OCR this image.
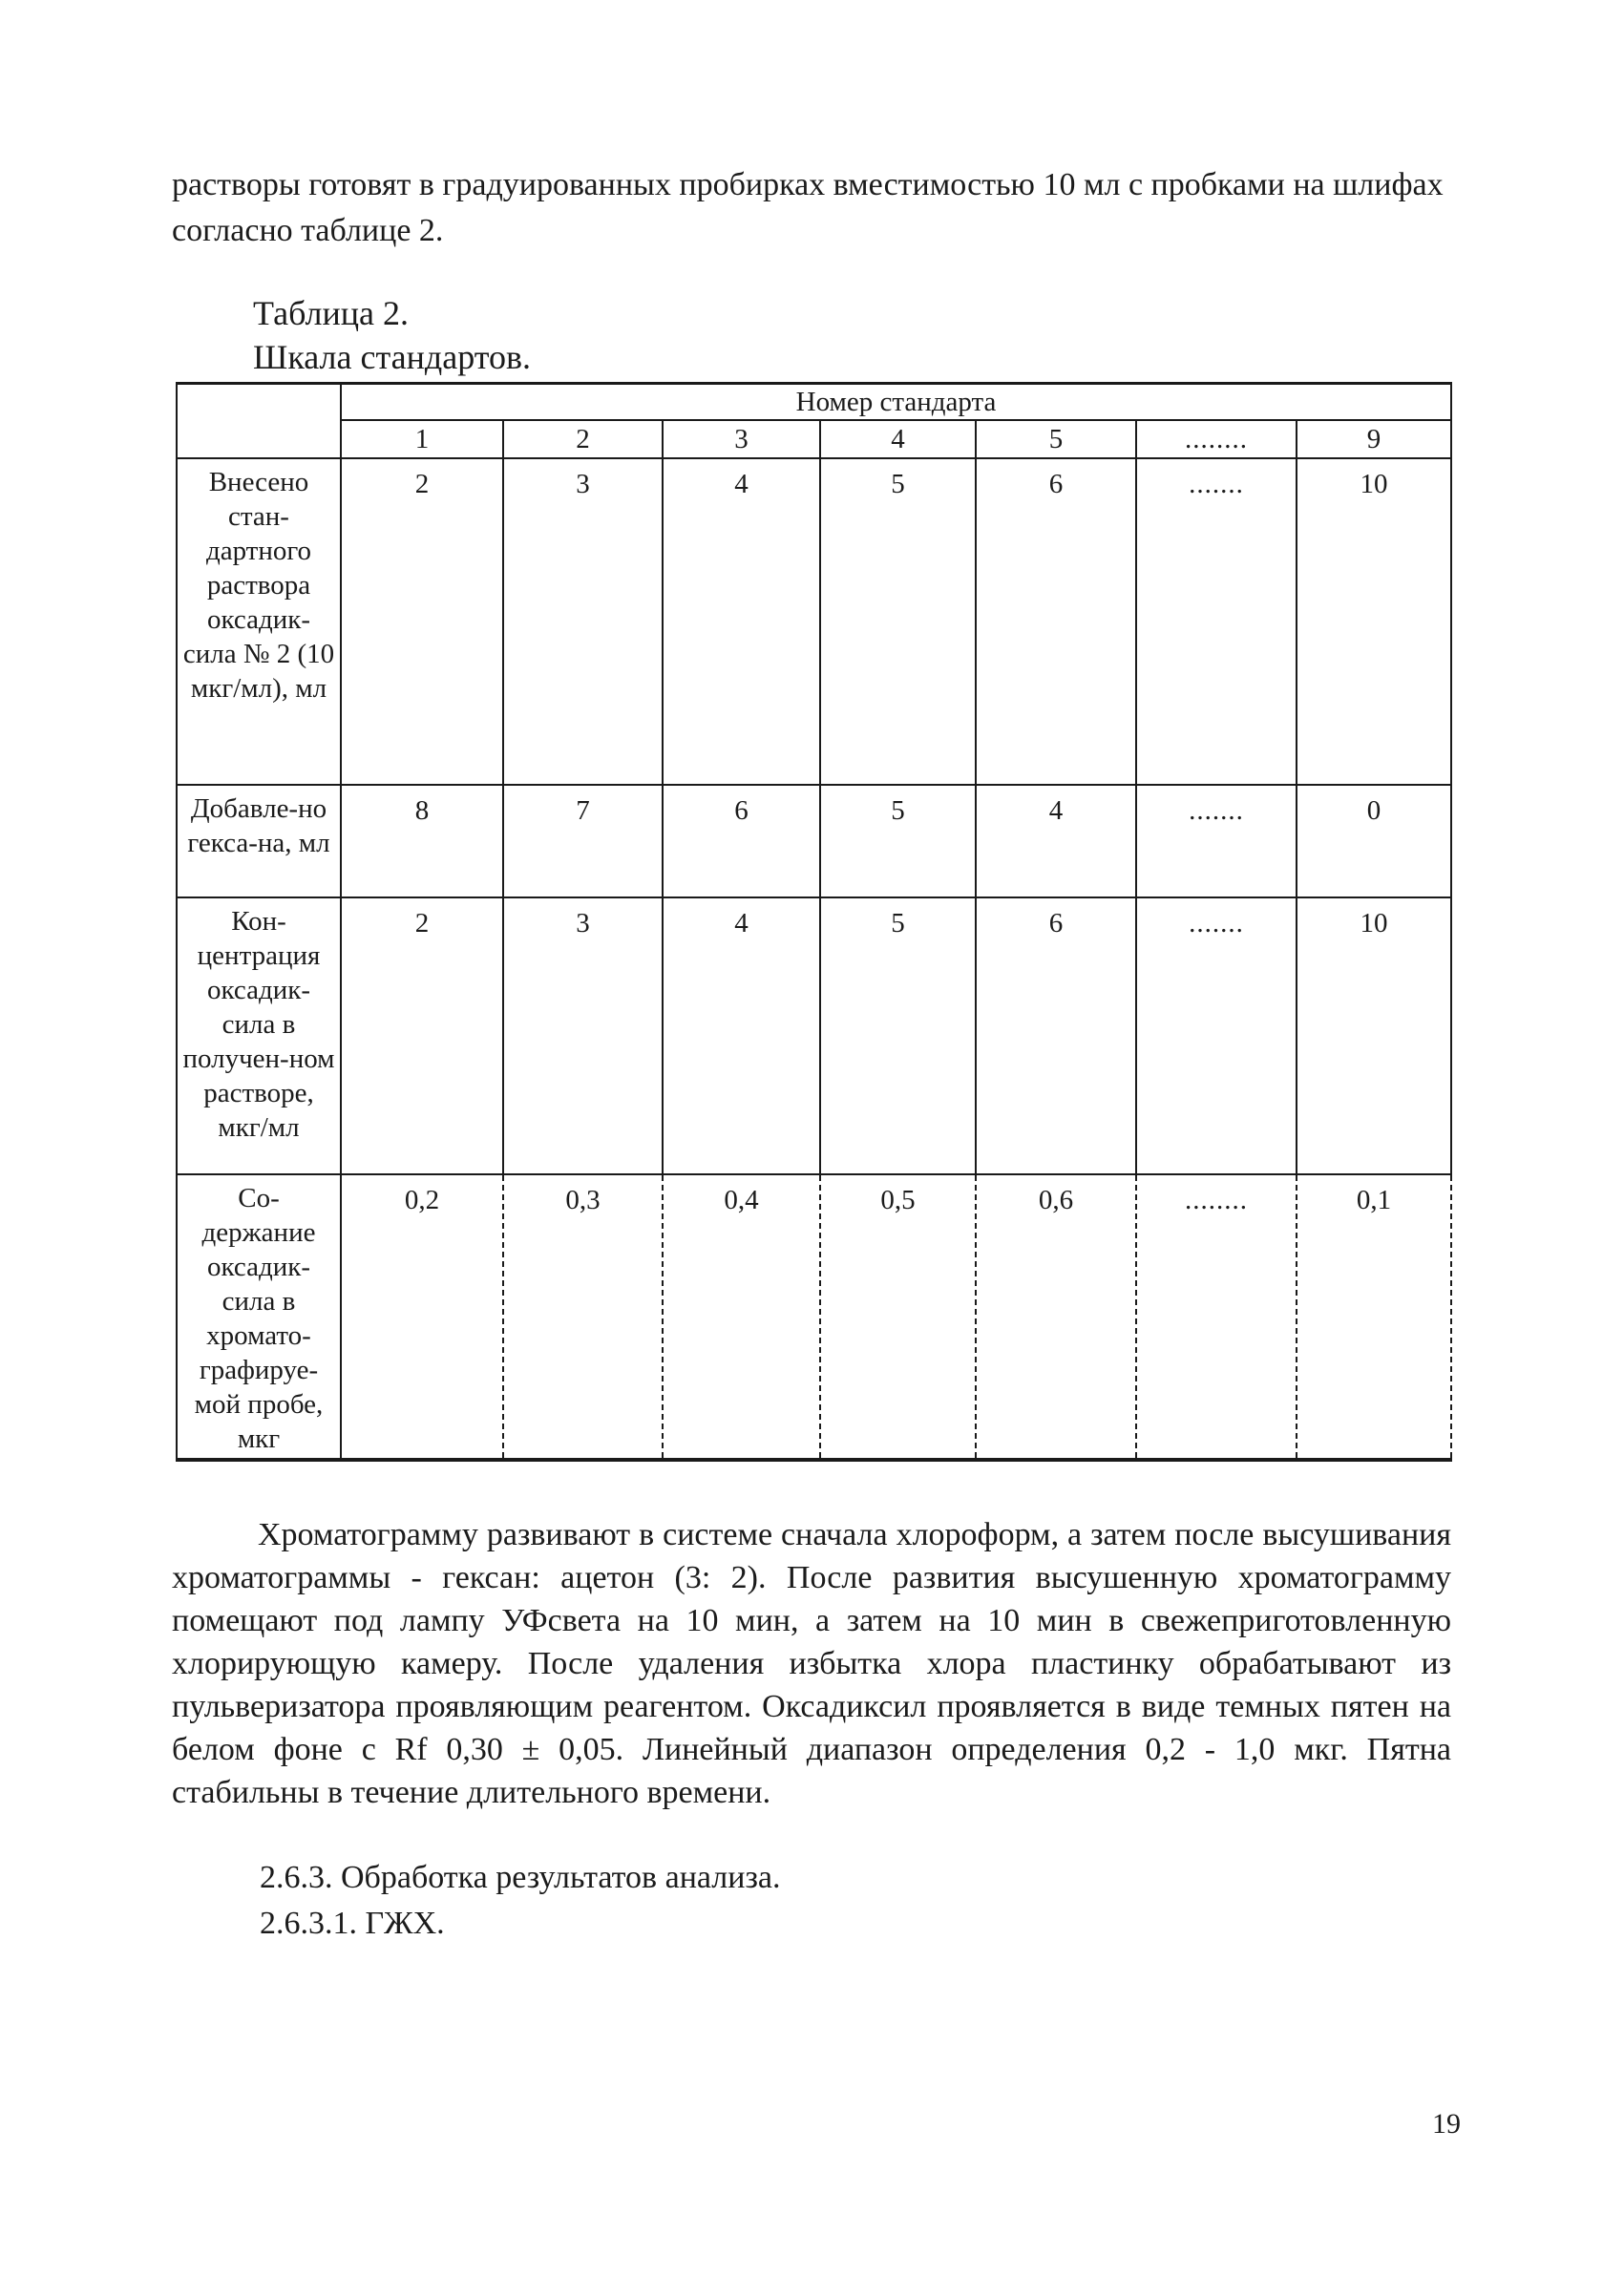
растворы готовят в градуированных пробирках вместимостью 10 мл с пробками на шлифах согласно таблице 2.

Таблица 2.

Шкала стандартов.

	Номер стандарта						
	1	2	3	4	5	........	9
Внесено стан-дартного раствора оксадик-сила № 2 (10 мкг/мл), мл	2	3	4	5	6	.......	10
Добавле-но гекса-на, мл	8	7	6	5	4	.......	0
Кон-центрация оксадик-сила в получен-ном растворе, мкг/мл	2	3	4	5	6	.......	10
Со-держание оксадик-сила в хромато-графируе-мой пробе, мкг	0,2	0,3	0,4	0,5	0,6	........	0,1

Хроматограмму развивают в системе сначала хлороформ, а затем после высушивания хроматограммы - гексан: ацетон (3: 2). После развития высушенную хроматограмму помещают под лампу УФсвета на 10 мин, а затем на 10 мин в свежеприготовленную хлорирующую камеру. После удаления избытка хлора пластинку обрабатывают из пульверизатора проявляющим реагентом. Оксадиксил проявляется в виде темных пятен на белом фоне с Rf 0,30 ± 0,05. Линейный диапазон определения 0,2 - 1,0 мкг. Пятна стабильны в течение длительного времени.

2.6.3. Обработка результатов анализа.

2.6.3.1. ГЖХ.

19
